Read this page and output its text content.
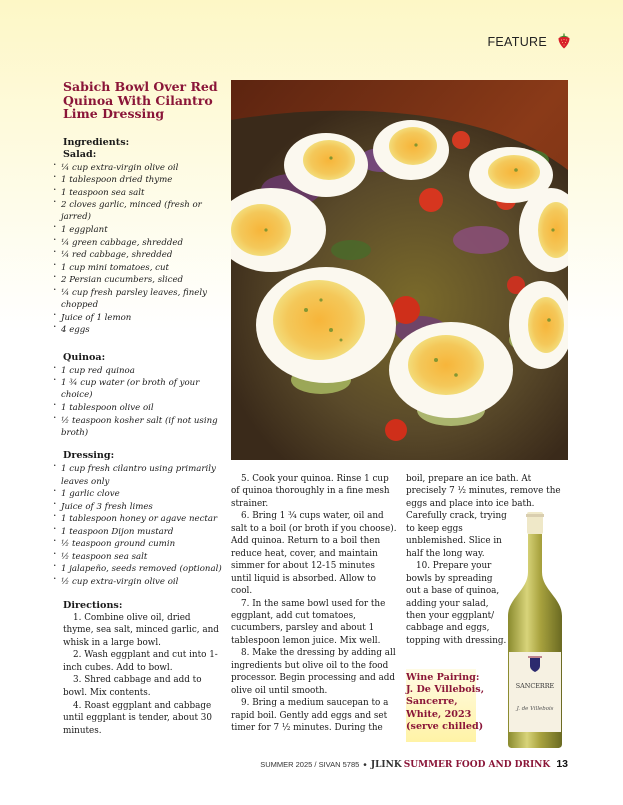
FEATURE
Sabich Bowl Over Red Quinoa With Cilantro Lime Dressing
Ingredients:
Salad:
· ¼ cup extra-virgin olive oil
· 1 tablespoon dried thyme
· 1 teaspoon sea salt
· 2 cloves garlic, minced (fresh or jarred)
· 1 eggplant
· ¼ green cabbage, shredded
· ¼ red cabbage, shredded
· 1 cup mini tomatoes, cut
· 2 Persian cucumbers, sliced
· ¼ cup fresh parsley leaves, finely chopped
· Juice of 1 lemon
· 4 eggs
Quinoa:
· 1 cup red quinoa
· 1 ¾ cup water (or broth of your choice)
· 1 tablespoon olive oil
· ½ teaspoon kosher salt (if not using broth)
Dressing:
· 1 cup fresh cilantro using primarily leaves only
· 1 garlic clove
· Juice of 3 fresh limes
· 1 tablespoon honey or agave nectar
· 1 teaspoon Dijon mustard
· ½ teaspoon ground cumin
· ½ teaspoon sea salt
· 1 jalapeño, seeds removed (optional)
· ½ cup extra-virgin olive oil
Directions:

1. Combine olive oil, dried thyme, sea salt, minced garlic, and whisk in a large bowl.

2. Wash eggplant and cut into 1-inch cubes. Add to bowl.

3. Shred cabbage and add to bowl. Mix contents.

4. Roast eggplant and cabbage until eggplant is tender, about 30 minutes.

5. Cook your quinoa. Rinse 1 cup of quinoa thoroughly in a fine mesh strainer.

6. Bring 1 ¾ cups water, oil and salt to a boil (or broth if you choose). Add quinoa. Return to a boil then reduce heat, cover, and maintain simmer for about 12-15 minutes until liquid is absorbed. Allow to cool.

7. In the same bowl used for the eggplant, add cut tomatoes, cucumbers, parsley and about 1 tablespoon lemon juice. Mix well.

8. Make the dressing by adding all ingredients but olive oil to the food processor. Begin processing and add olive oil until smooth.

9. Bring a medium saucepan to a rapid boil. Gently add eggs and set timer for 7 ½ minutes. During the

boil, prepare an ice bath. At precisely 7 ½ minutes, remove the eggs and place into ice bath.

Carefully crack, trying to keep eggs unblemished. Slice in half the long way.

10. Prepare your bowls by spreading out a base of quinoa, adding your salad, then your eggplant/ cabbage and eggs, topping with dressing.

Wine Pairing:
J. De Villebois,
Sancerre,
White, 2023
(serve chilled)
SANCERRE
J. de Villebois
SUMMER 2025 / SIVAN 5785 • JLINK SUMMER FOOD AND DRINK 13
